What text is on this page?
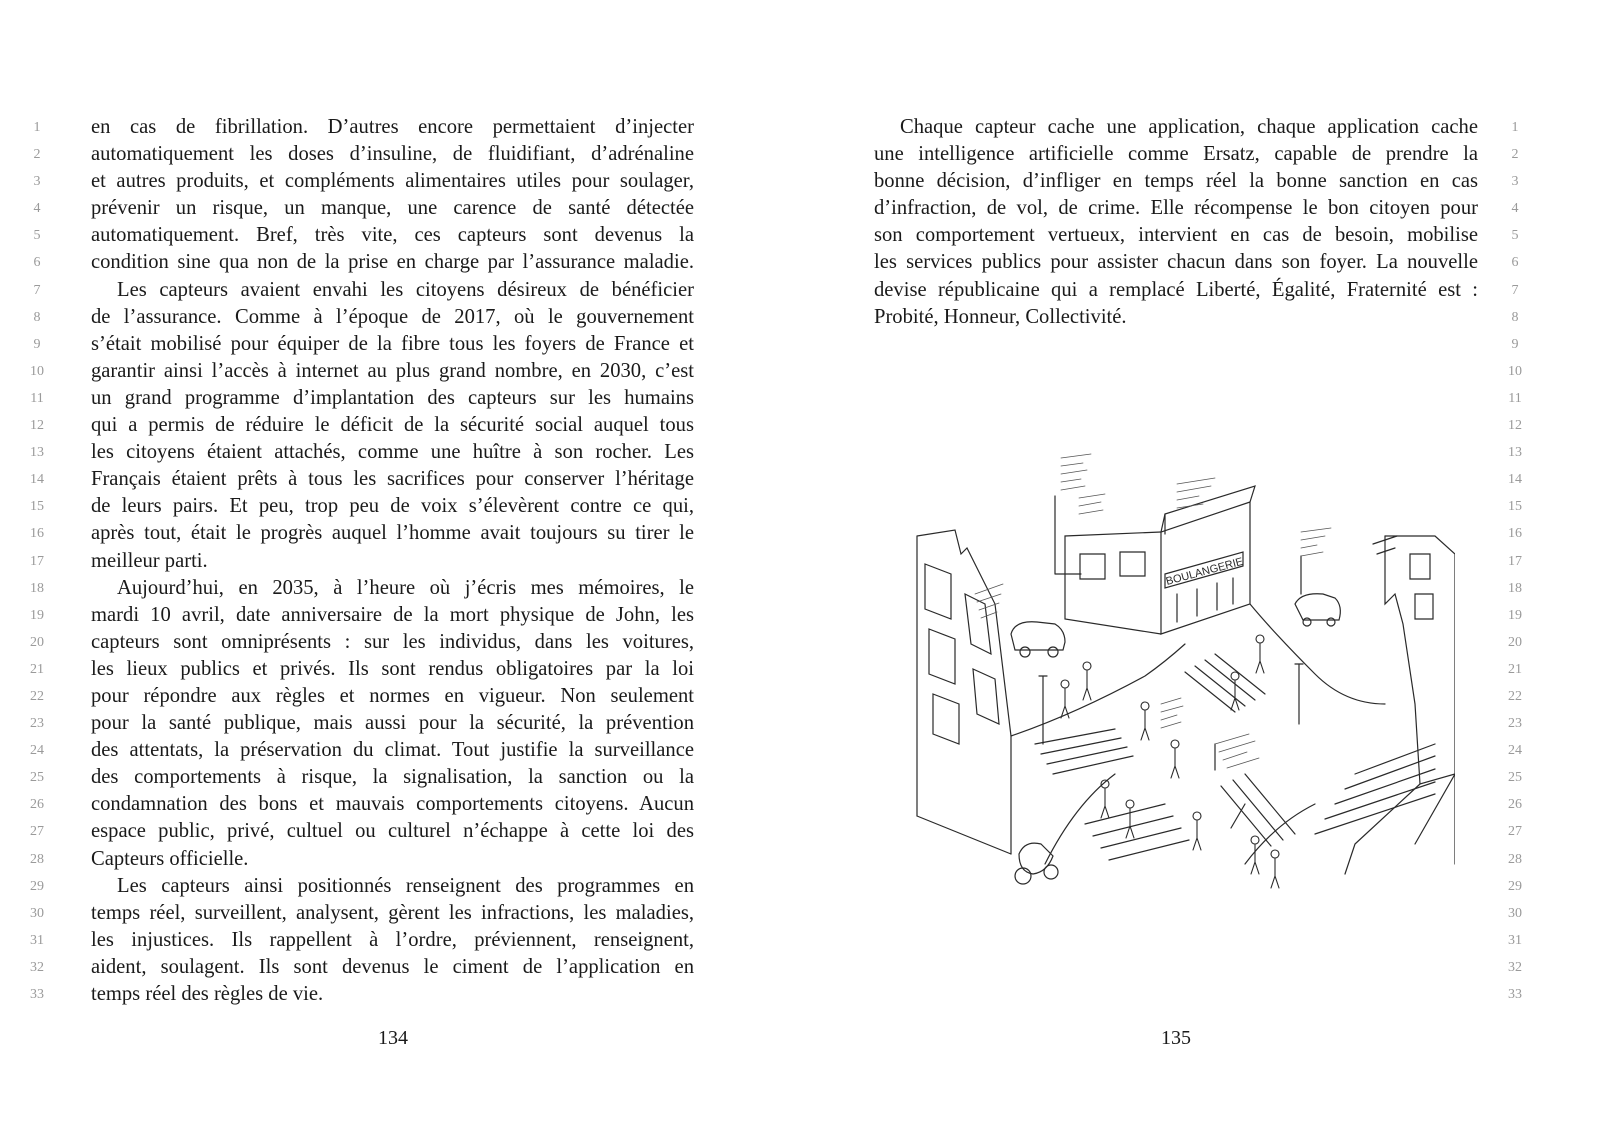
1
2
3
4
5
6
7
8
9
10
11
12
13
14
15
16
17
18
19
20
21
22
23
24
25
26
27
28
29
30
31
32
33
en cas de fibrillation. D’autres encore permettaient d’injecter
automatiquement les doses d’insuline, de fluidifiant, d’adrénaline
et autres produits, et compléments alimentaires utiles pour soulager,
prévenir un risque, un manque, une carence de santé détectée
automatiquement. Bref, très vite, ces capteurs sont devenus la
condition sine qua non de la prise en charge par l’assurance maladie.
Les capteurs avaient envahi les citoyens désireux de bénéficier
de l’assurance. Comme à l’époque de 2017, où le gouvernement
s’était mobilisé pour équiper de la fibre tous les foyers de France et
garantir ainsi l’accès à internet au plus grand nombre, en 2030, c’est
un grand programme d’implantation des capteurs sur les humains
qui a permis de réduire le déficit de la sécurité social auquel tous
les citoyens étaient attachés, comme une huître à son rocher. Les
Français étaient prêts à tous les sacrifices pour conserver l’héritage
de leurs pairs. Et peu, trop peu de voix s’élevèrent contre ce qui,
après tout, était le progrès auquel l’homme avait toujours su tirer le
meilleur parti.
Aujourd’hui, en 2035, à l’heure où j’écris mes mémoires, le
mardi 10 avril, date anniversaire de la mort physique de John, les
capteurs sont omniprésents : sur les individus, dans les voitures,
les lieux publics et privés. Ils sont rendus obligatoires par la loi
pour répondre aux règles et normes en vigueur. Non seulement
pour la santé publique, mais aussi pour la sécurité, la prévention
des attentats, la préservation du climat. Tout justifie la surveillance
des comportements à risque, la signalisation, la sanction ou la
condamnation des bons et mauvais comportements citoyens. Aucun
espace public, privé, cultuel ou culturel n’échappe à cette loi des
Capteurs officielle.
Les capteurs ainsi positionnés renseignent des programmes en
temps réel, surveillent, analysent, gèrent les infractions, les maladies,
les injustices. Ils rappellent à l’ordre, préviennent, renseignent,
aident, soulagent. Ils sont devenus le ciment de l’application en
temps réel des règles de vie.
134
Chaque capteur cache une application, chaque application cache
une intelligence artificielle comme Ersatz, capable de prendre la
bonne décision, d’infliger en temps réel la bonne sanction en cas
d’infraction, de vol, de crime. Elle récompense le bon citoyen pour
son comportement vertueux, intervient en cas de besoin, mobilise
les services publics pour assister chacun dans son foyer. La nouvelle
devise républicaine qui a remplacé Liberté, Égalité, Fraternité est :
Probité, Honneur, Collectivité.
1
2
3
4
5
6
7
8
9
10
11
12
13
14
15
16
17
18
19
20
21
22
23
24
25
26
27
28
29
30
31
32
33
BOULANGERIE
135
